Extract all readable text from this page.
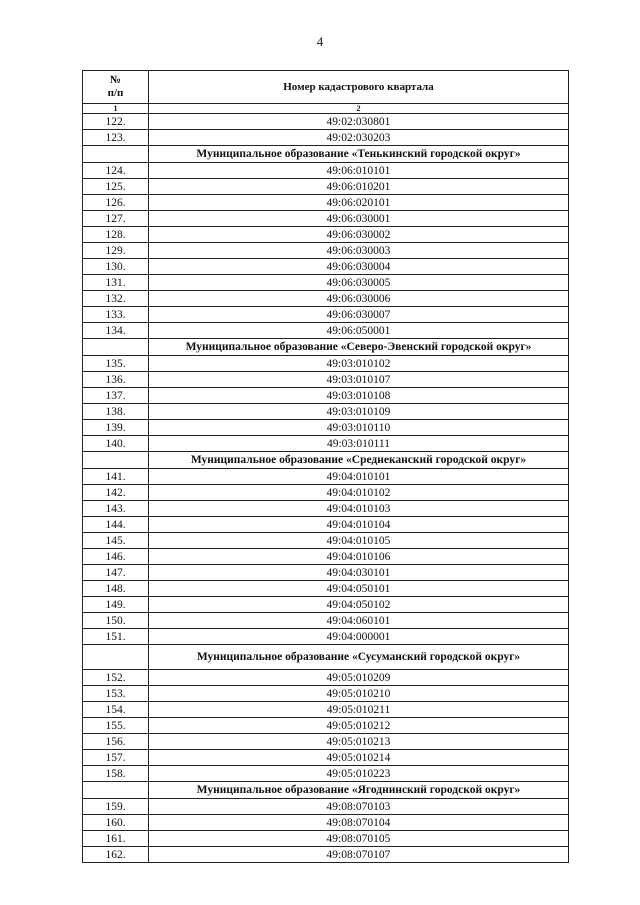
4
№
п/п	Номер кадастрового квартала
1	2
122.	49:02:030801
123.	49:02:030203
	Муниципальное образование «Тенькинский городской округ»
124.	49:06:010101
125.	49:06:010201
126.	49:06:020101
127.	49:06:030001
128.	49:06:030002
129.	49:06:030003
130.	49:06:030004
131.	49:06:030005
132.	49:06:030006
133.	49:06:030007
134.	49:06:050001
	Муниципальное образование «Северо-Эвенский городской округ»
135.	49:03:010102
136.	49:03:010107
137.	49:03:010108
138.	49:03:010109
139.	49:03:010110
140.	49:03:010111
	Муниципальное образование «Среднеканский городской округ»
141.	49:04:010101
142.	49:04:010102
143.	49:04:010103
144.	49:04:010104
145.	49:04:010105
146.	49:04:010106
147.	49:04:030101
148.	49:04:050101
149.	49:04:050102
150.	49:04:060101
151.	49:04:000001
	Муниципальное образование «Сусуманский городской округ»
152.	49:05:010209
153.	49:05:010210
154.	49:05:010211
155.	49:05:010212
156.	49:05:010213
157.	49:05:010214
158.	49:05:010223
	Муниципальное образование «Ягоднинский городской округ»
159.	49:08:070103
160.	49:08:070104
161.	49:08:070105
162.	49:08:070107
